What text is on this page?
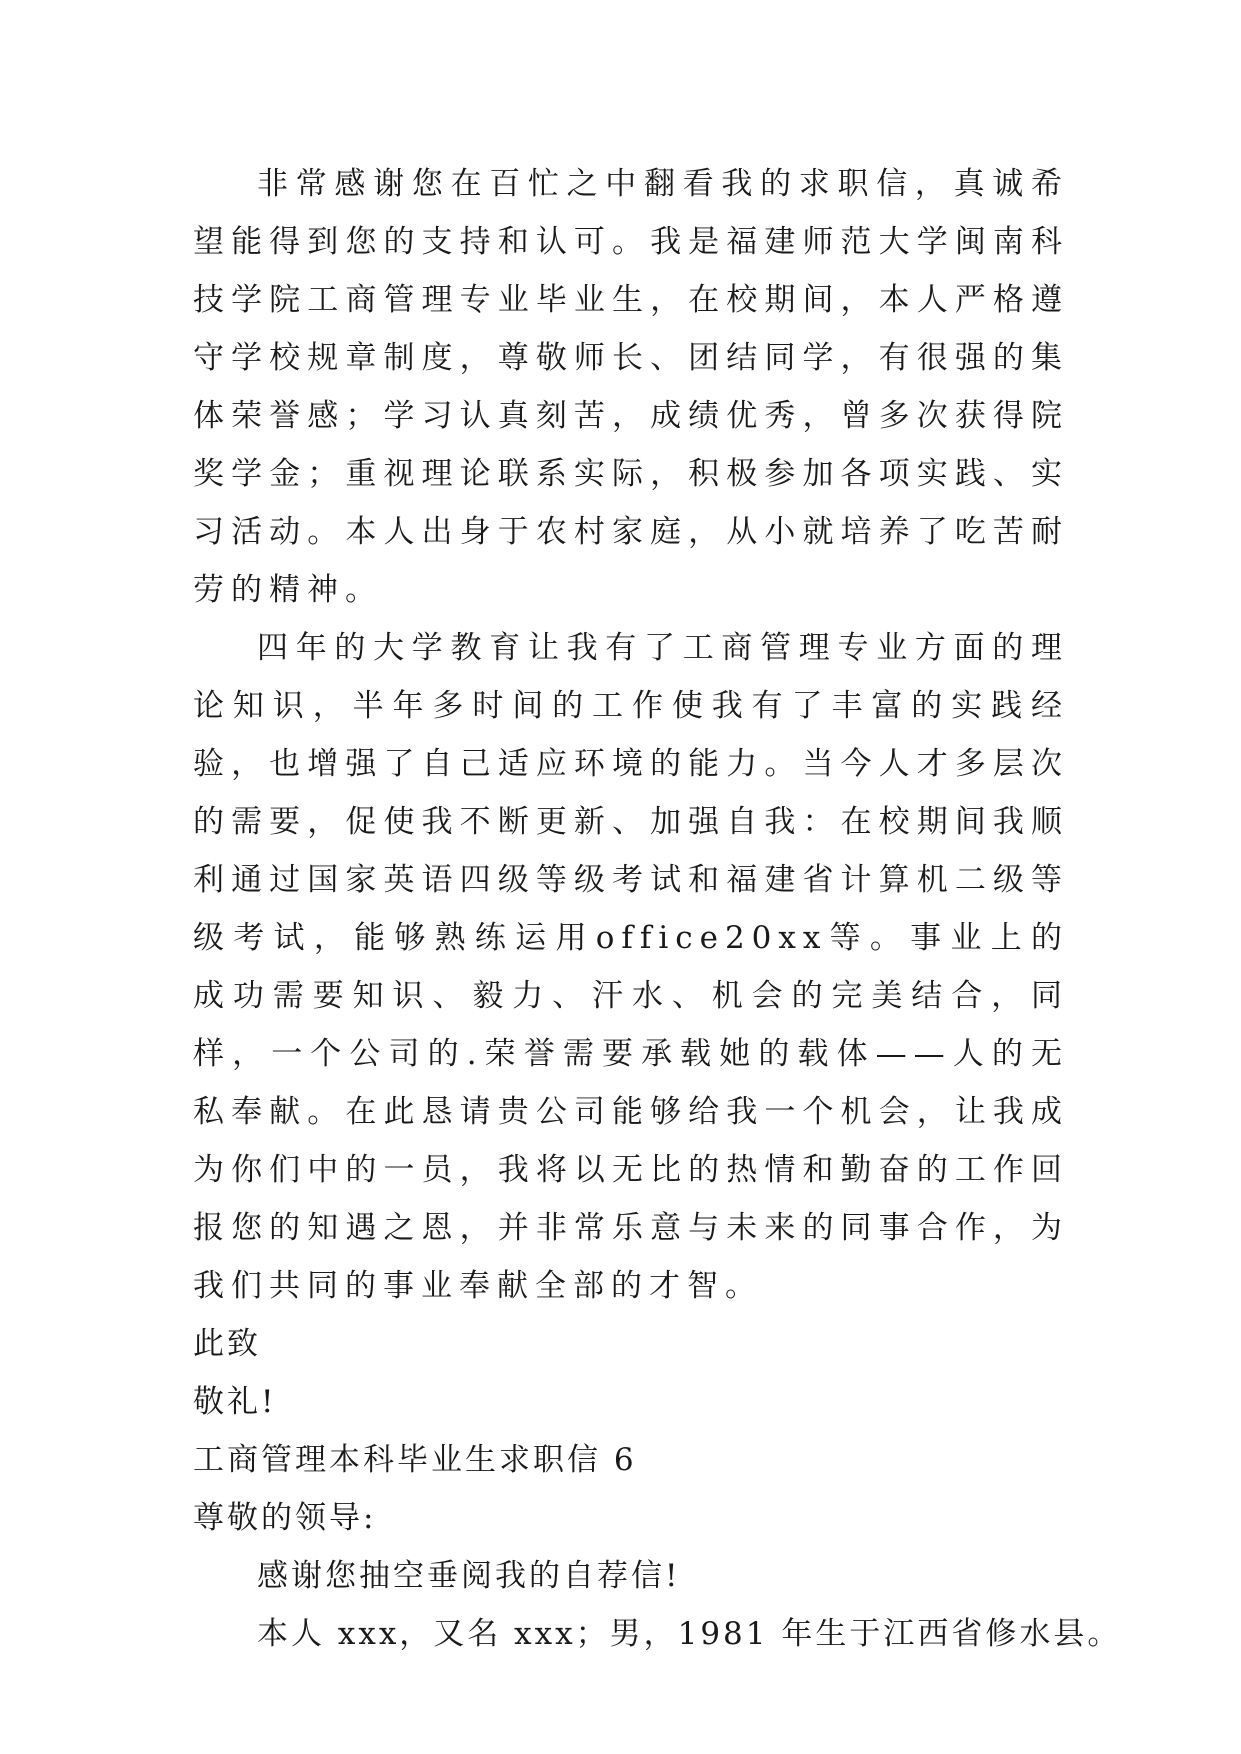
非常感谢您在百忙之中翻看我的求职信，真诚希望能得到您的支持和认可。我是福建师范大学闽南科技学院工商管理专业毕业生，在校期间，本人严格遵守学校规章制度，尊敬师长、团结同学，有很强的集体荣誉感；学习认真刻苦，成绩优秀，曾多次获得院奖学金；重视理论联系实际，积极参加各项实践、实习活动。本人出身于农村家庭，从小就培养了吃苦耐劳的精神。

四年的大学教育让我有了工商管理专业方面的理论知识，半年多时间的工作使我有了丰富的实践经验，也增强了自己适应环境的能力。当今人才多层次的需要，促使我不断更新、加强自我：在校期间我顺利通过国家英语四级等级考试和福建省计算机二级等级考试，能够熟练运用office20xx等。事业上的成功需要知识、毅力、汗水、机会的完美结合，同样，一个公司的.荣誉需要承载她的载体——人的无私奉献。在此恳请贵公司能够给我一个机会，让我成为你们中的一员，我将以无比的热情和勤奋的工作回报您的知遇之恩，并非常乐意与未来的同事合作，为我们共同的事业奉献全部的才智。

此致

敬礼!

工商管理本科毕业生求职信 6

尊敬的领导:

感谢您抽空垂阅我的自荐信!

本人 xxx，又名 xxx；男，1981 年生于江西省修水县。
